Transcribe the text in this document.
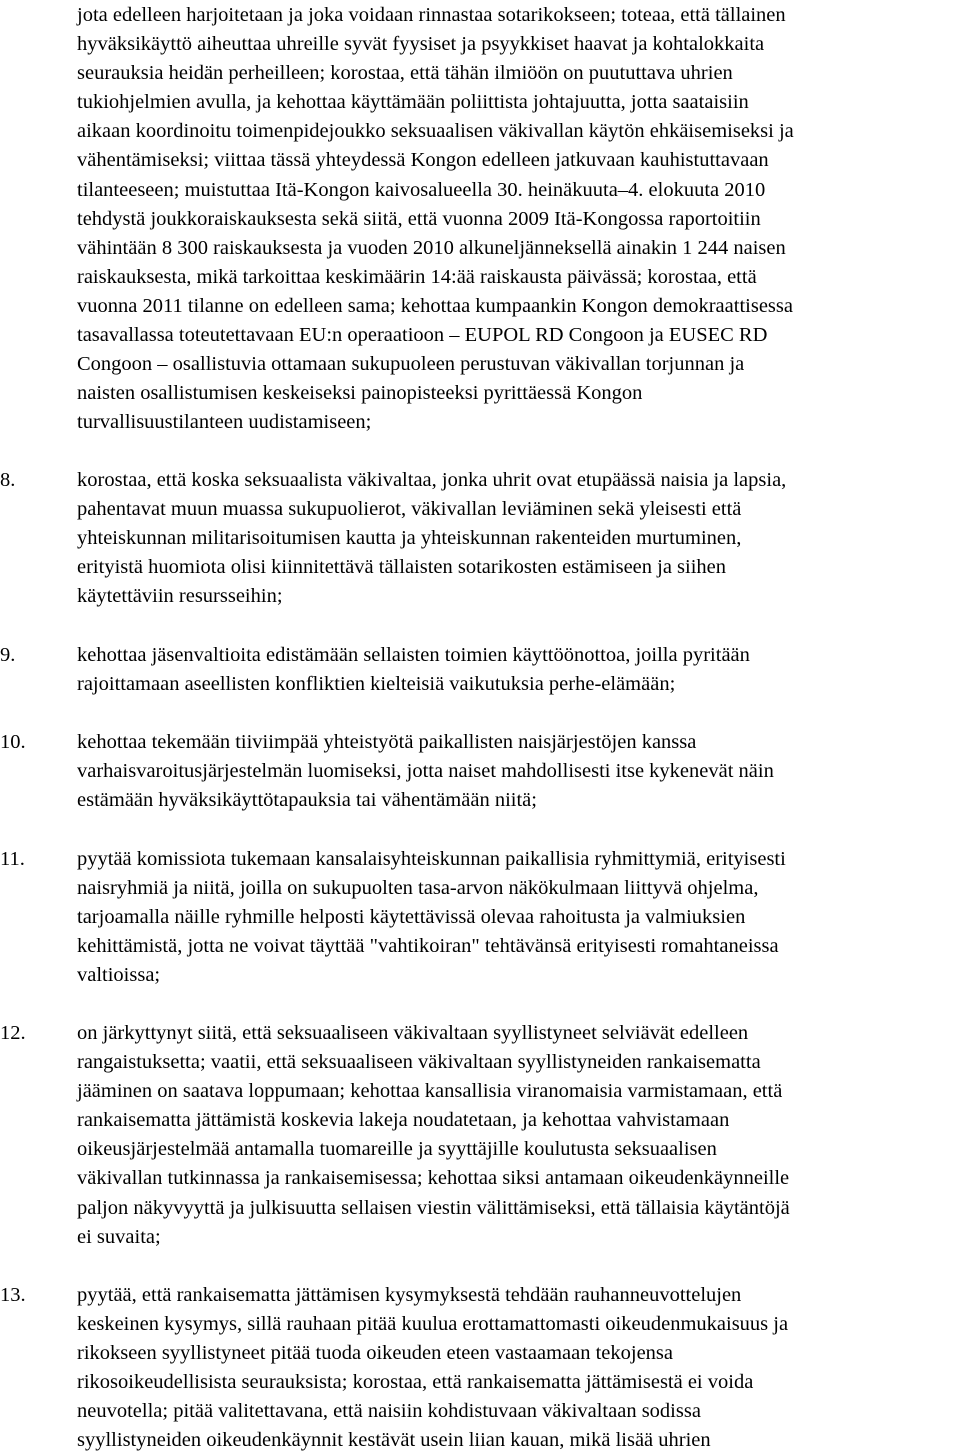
jota edelleen harjoitetaan ja joka voidaan rinnastaa sotarikokseen; toteaa, että tällainen
hyväksikäyttö aiheuttaa uhreille syvät fyysiset ja psyykkiset haavat ja kohtalokkaita
seurauksia heidän perheilleen; korostaa, että tähän ilmiöön on puututtava uhrien
tukiohjelmien avulla, ja kehottaa käyttämään poliittista johtajuutta, jotta saataisiin
aikaan koordinoitu toimenpidejoukko seksuaalisen väkivallan käytön ehkäisemiseksi ja
vähentämiseksi; viittaa tässä yhteydessä Kongon edelleen jatkuvaan kauhistuttavaan
tilanteeseen; muistuttaa Itä-Kongon kaivosalueella 30. heinäkuuta–4. elokuuta 2010
tehdystä joukkoraiskauksesta sekä siitä, että vuonna 2009 Itä-Kongossa raportoitiin
vähintään 8 300 raiskauksesta ja vuoden 2010 alkuneljänneksellä ainakin 1 244 naisen
raiskauksesta, mikä tarkoittaa keskimäärin 14:ää raiskausta päivässä; korostaa, että
vuonna 2011 tilanne on edelleen sama; kehottaa kumpaankin Kongon demokraattisessa
tasavallassa toteutettavaan EU:n operaatioon – EUPOL RD Congoon ja EUSEC RD
Congoon – osallistuvia ottamaan sukupuoleen perustuvan väkivallan torjunnan ja
naisten osallistumisen keskeiseksi painopisteeksi pyrittäessä Kongon
turvallisuustilanteen uudistamiseen;
8.	korostaa, että koska seksuaalista väkivaltaa, jonka uhrit ovat etupäässä naisia ja lapsia,
pahentavat muun muassa sukupuolierot, väkivallan leviäminen sekä yleisesti että
yhteiskunnan militarisoitumisen kautta ja yhteiskunnan rakenteiden murtuminen,
erityistä huomiota olisi kiinnitettävä tällaisten sotarikosten estämiseen ja siihen
käytettäviin resursseihin;
9.	kehottaa jäsenvaltioita edistämään sellaisten toimien käyttöönottoa, joilla pyritään
rajoittamaan aseellisten konfliktien kielteisiä vaikutuksia perhe-elämään;
10.	kehottaa tekemään tiiviimpää yhteistyötä paikallisten naisjärjestöjen kanssa
varhaisvaroitusjärjestelmän luomiseksi, jotta naiset mahdollisesti itse kykenevät näin
estämään hyväksikäyttötapauksia tai vähentämään niitä;
11.	pyytää komissiota tukemaan kansalaisyhteiskunnan paikallisia ryhmittymiä, erityisesti
naisryhmiä ja niitä, joilla on sukupuolten tasa-arvon näkökulmaan liittyvä ohjelma,
tarjoamalla näille ryhmille helposti käytettävissä olevaa rahoitusta ja valmiuksien
kehittämistä, jotta ne voivat täyttää "vahtikoiran" tehtävänsä erityisesti romahtaneissa
valtioissa;
12.	on järkyttynyt siitä, että seksuaaliseen väkivaltaan syyllistyneet selviävät edelleen
rangaistuksetta; vaatii, että seksuaaliseen väkivaltaan syyllistyneiden rankaisematta
jääminen on saatava loppumaan; kehottaa kansallisia viranomaisia varmistamaan, että
rankaisematta jättämistä koskevia lakeja noudatetaan, ja kehottaa vahvistamaan
oikeusjärjestelmää antamalla tuomareille ja syyttäjille koulutusta seksuaalisen
väkivallan tutkinnassa ja rankaisemisessa; kehottaa siksi antamaan oikeudenkäynneille
paljon näkyvyyttä ja julkisuutta sellaisen viestin välittämiseksi, että tällaisia käytäntöjä
ei suvaita;
13.	pyytää, että rankaisematta jättämisen kysymyksestä tehdään rauhanneuvottelujen
keskeinen kysymys, sillä rauhaan pitää kuulua erottamattomasti oikeudenmukaisuus ja
rikokseen syyllistyneet pitää tuoda oikeuden eteen vastaamaan tekojensa
rikosoikeudellisista seurauksista; korostaa, että rankaisematta jättämisestä ei voida
neuvotella; pitää valitettavana, että naisiin kohdistuvaan väkivaltaan sodissa
syyllistyneiden oikeudenkäynnit kestävät usein liian kauan, mikä lisää uhrien
